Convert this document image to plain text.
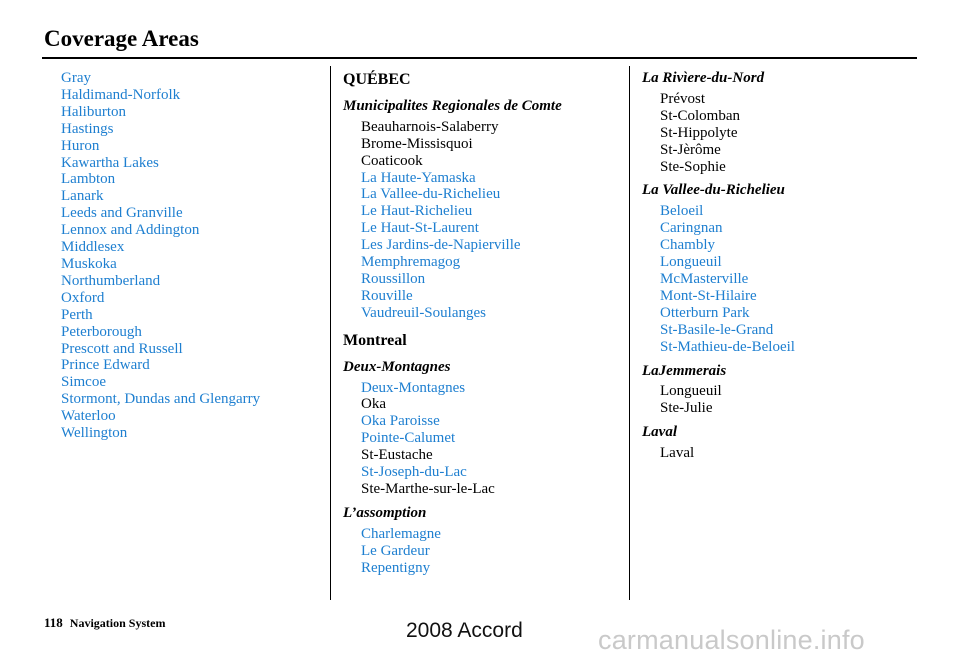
Coverage Areas
Gray
Haldimand-Norfolk
Haliburton
Hastings
Huron
Kawartha Lakes
Lambton
Lanark
Leeds and Granville
Lennox and Addington
Middlesex
Muskoka
Northumberland
Oxford
Perth
Peterborough
Prescott and Russell
Prince Edward
Simcoe
Stormont, Dundas and Glengarry
Waterloo
Wellington
QUÉBEC
Municipalites Regionales de Comte
Beauharnois-Salaberry
Brome-Missisquoi
Coaticook
La Haute-Yamaska
La Vallee-du-Richelieu
Le Haut-Richelieu
Le Haut-St-Laurent
Les Jardins-de-Napierville
Memphremagog
Roussillon
Rouville
Vaudreuil-Soulanges
Montreal
Deux-Montagnes
Deux-Montagnes
Oka
Oka Paroisse
Pointe-Calumet
St-Eustache
St-Joseph-du-Lac
Ste-Marthe-sur-le-Lac
L’assomption
Charlemagne
Le Gardeur
Repentigny
La Rivìere-du-Nord
Prévost
St-Colomban
St-Hippolyte
St-Jèrôme
Ste-Sophie
La Vallee-du-Richelieu
Beloeil
Caringnan
Chambly
Longueuil
McMasterville
Mont-St-Hilaire
Otterburn Park
St-Basile-le-Grand
St-Mathieu-de-Beloeil
LaJemmerais
Longueuil
Ste-Julie
Laval
Laval
118 Navigation System	2008 Accord	carmanualsonline.info
